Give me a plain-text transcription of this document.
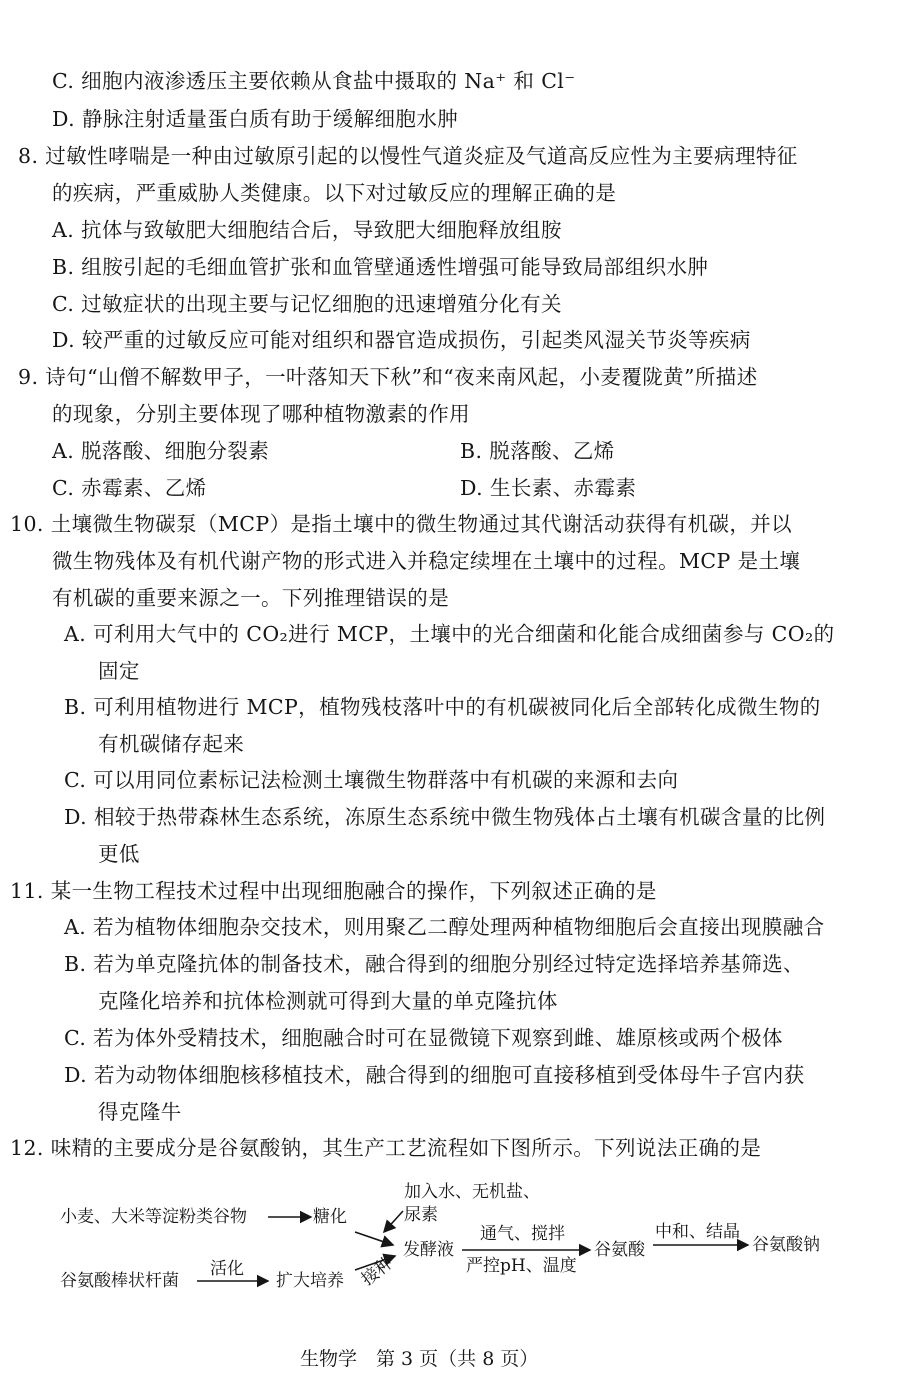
C. 细胞内液渗透压主要依赖从食盐中摄取的 Na⁺ 和 Cl⁻
D. 静脉注射适量蛋白质有助于缓解细胞水肿
8. 过敏性哮喘是一种由过敏原引起的以慢性气道炎症及气道高反应性为主要病理特征
的疾病，严重威胁人类健康。以下对过敏反应的理解正确的是
A. 抗体与致敏肥大细胞结合后，导致肥大细胞释放组胺
B. 组胺引起的毛细血管扩张和血管壁通透性增强可能导致局部组织水肿
C. 过敏症状的出现主要与记忆细胞的迅速增殖分化有关
D. 较严重的过敏反应可能对组织和器官造成损伤，引起类风湿关节炎等疾病
9. 诗句“山僧不解数甲子，一叶落知天下秋”和“夜来南风起，小麦覆陇黄”所描述
的现象，分别主要体现了哪种植物激素的作用
A. 脱落酸、细胞分裂素	B. 脱落酸、乙烯
C. 赤霉素、乙烯	D. 生长素、赤霉素
10. 土壤微生物碳泵（MCP）是指土壤中的微生物通过其代谢活动获得有机碳，并以
微生物残体及有机代谢产物的形式进入并稳定续埋在土壤中的过程。MCP 是土壤
有机碳的重要来源之一。下列推理错误的是
A. 可利用大气中的 CO₂进行 MCP，土壤中的光合细菌和化能合成细菌参与 CO₂的
固定
B. 可利用植物进行 MCP，植物残枝落叶中的有机碳被同化后全部转化成微生物的
有机碳储存起来
C. 可以用同位素标记法检测土壤微生物群落中有机碳的来源和去向
D. 相较于热带森林生态系统，冻原生态系统中微生物残体占土壤有机碳含量的比例
更低
11. 某一生物工程技术过程中出现细胞融合的操作，下列叙述正确的是
A. 若为植物体细胞杂交技术，则用聚乙二醇处理两种植物细胞后会直接出现膜融合
B. 若为单克隆抗体的制备技术，融合得到的细胞分别经过特定选择培养基筛选、
克隆化培养和抗体检测就可得到大量的单克隆抗体
C. 若为体外受精技术，细胞融合时可在显微镜下观察到雌、雄原核或两个极体
D. 若为动物体细胞核移植技术，融合得到的细胞可直接移植到受体母牛子宫内获
得克隆牛
12. 味精的主要成分是谷氨酸钠，其生产工艺流程如下图所示。下列说法正确的是
小麦、大米等淀粉类谷物	糖化
加入水、无机盐、
尿素
发酵液
通气、搅拌
严控pH、温度
谷氨酸
中和、结晶
谷氨酸钠
谷氨酸棒状杆菌
活化
扩大培养 接种
生物学　第 3 页（共 8 页）
